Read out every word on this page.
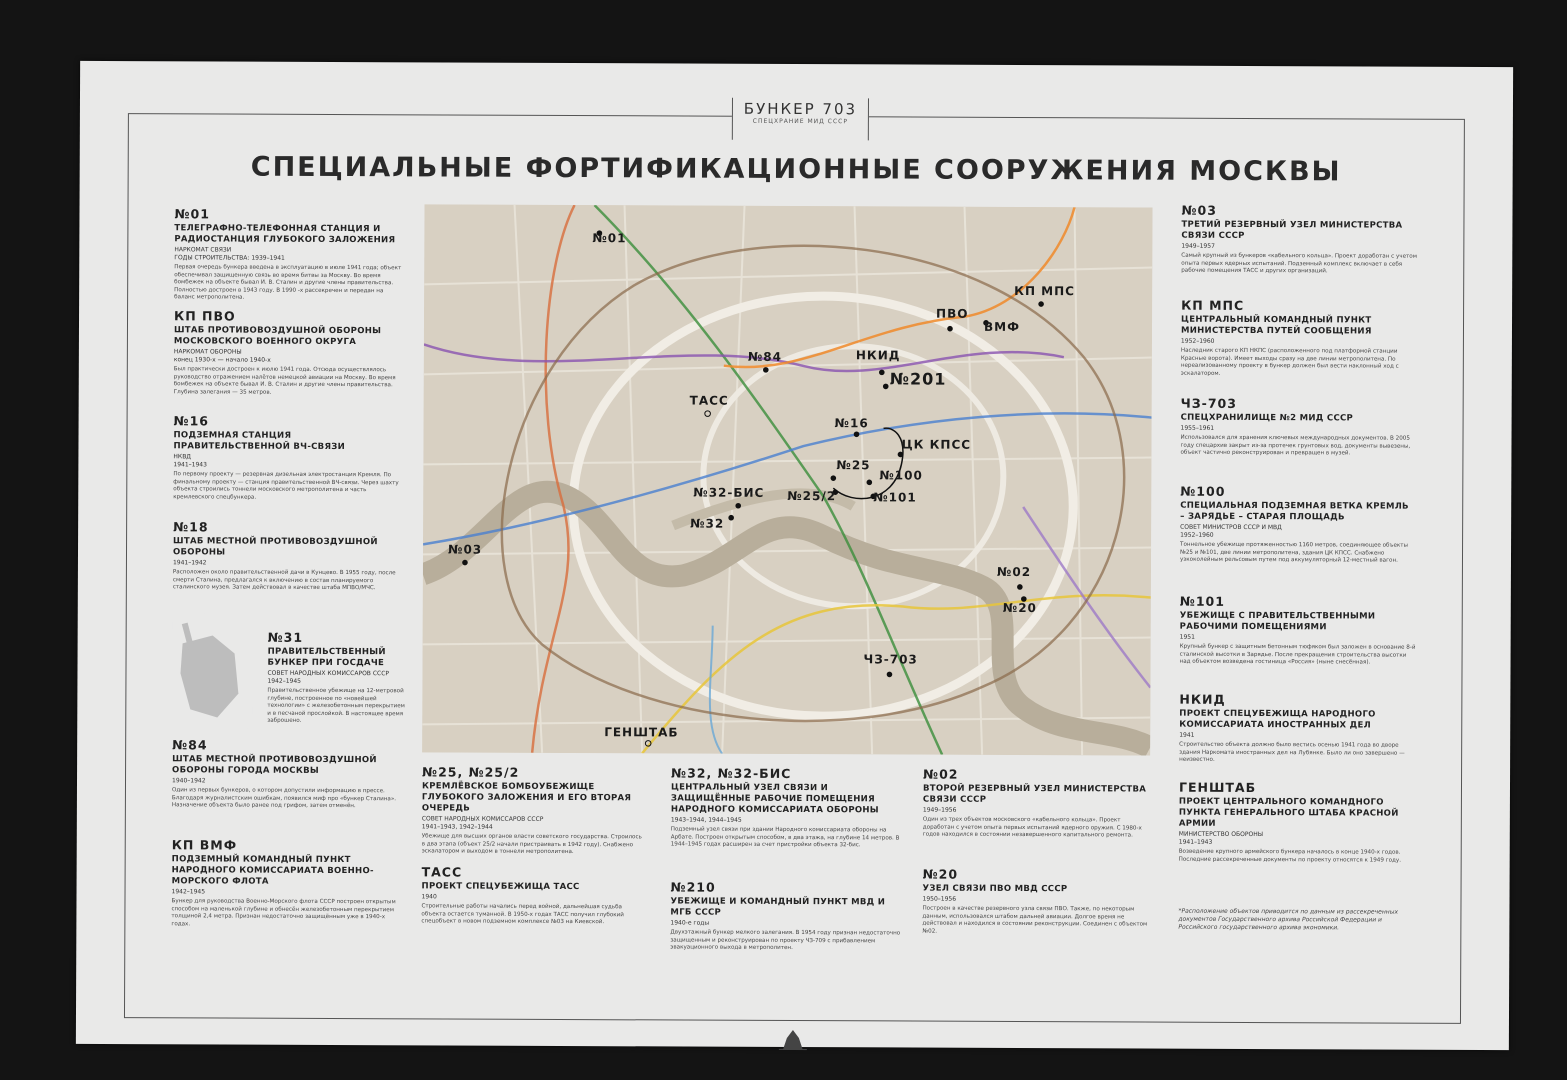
БУНКЕР 703
СПЕЦХРАНИЕ МИД СССР
СПЕЦИАЛЬНЫЕ ФОРТИФИКАЦИОННЫЕ СООРУЖЕНИЯ МОСКВЫ
№01
№84
ТАСС
ПВО
ВМФ
КП МПС
НКИД
№201
№16
ЦК КПСС
№25
№100
№25/2	№101
№32-БИС
№32
№03
№02
№20
ЧЗ-703
ГЕНШТАБ
№01
ТЕЛЕГРАФНО-ТЕЛЕФОННАЯ СТАНЦИЯ И РАДИОСТАНЦИЯ ГЛУБОКОГО ЗАЛОЖЕНИЯ
НАРКОМАТ СВЯЗИ
ГОДЫ СТРОИТЕЛЬСТВА: 1939–1941
Первая очередь бункера введена в эксплуатацию в июле 1941 года; объект обеспечивал защищенную связь во время битвы за Москву. Во время бомбежек на объекте бывал И. В. Сталин и другие члены правительства. Полностью достроен в 1943 году. В 1990 -х рассекречен и передан на баланс метрополитена.
КП ПВО
ШТАБ ПРОТИВОВОЗДУШНОЙ ОБОРОНЫ МОСКОВСКОГО ВОЕННОГО ОКРУГА
НАРКОМАТ ОБОРОНЫ
конец 1930-х — начало 1940-х
Был практически достроен к июлю 1941 года. Отсюда осуществлялось руководство отражением налётов немецкой авиации на Москву. Во время бомбежек на объекте бывал И. В. Сталин и другие члены правительства. Глубина залегания — 35 метров.
№16
ПОДЗЕМНАЯ СТАНЦИЯ ПРАВИТЕЛЬСТВЕННОЙ ВЧ-СВЯЗИ
НКВД
1941–1943
По первому проекту — резервная дизельная электростанция Кремля. По финальному проекту — станция правительственной ВЧ-связи. Через шахту объекта строились тоннели московского метрополитена и часть кремлевского спецбункера.
№18
ШТАБ МЕСТНОЙ ПРОТИВОВОЗДУШНОЙ ОБОРОНЫ
1941–1942
Расположен около правительственной дачи в Кунцево. В 1955 году, после смерти Сталина, предлагался к включению в состав планируемого сталинского музея. Затем действовал в качестве штаба МПВО/МЧС.
№31
ПРАВИТЕЛЬСТВЕННЫЙ БУНКЕР ПРИ ГОСДАЧЕ
СОВЕТ НАРОДНЫХ КОМИССАРОВ СССР
1942–1945
Правительственное убежище на 12-метровой глубине, построенное по «новейшей технологии» с железобетонным перекрытием и в песчаной прослойкой. В настоящее время заброшено.
№84
ШТАБ МЕСТНОЙ ПРОТИВОВОЗДУШНОЙ ОБОРОНЫ ГОРОДА МОСКВЫ
1940–1942
Один из первых бункеров, о котором допустили информацию в прессе. Благодаря журналистским ошибкам, появился миф про «бункер Сталина». Назначение объекта было ранее под грифом, затем отменён.
КП ВМФ
ПОДЗЕМНЫЙ КОМАНДНЫЙ ПУНКТ НАРОДНОГО КОМИССАРИАТА ВОЕННО-МОРСКОГО ФЛОТА
1942–1945
Бункер для руководства Военно-Морского флота СССР построен открытым способом на маленькой глубине и обнесён железобетонным перекрытием толщиной 2,4 метра. Признан недостаточно защищённым уже в 1940-х годах.
№25, №25/2
КРЕМЛЁВСКОЕ БОМБОУБЕЖИЩЕ ГЛУБОКОГО ЗАЛОЖЕНИЯ И ЕГО ВТОРАЯ ОЧЕРЕДЬ
СОВЕТ НАРОДНЫХ КОМИССАРОВ СССР
1941–1943, 1942–1944
Убежище для высших органов власти советского государства. Строилось в два этапа (объект 25/2 начали пристраивать в 1942 году). Снабжено эскалатором и выходом в тоннели метрополитена.
ТАСС
ПРОЕКТ СПЕЦУБЕЖИЩА ТАСС
1940
Строительные работы начались перед войной, дальнейшая судьба объекта остается туманной. В 1950-х годах ТАСС получил глубокий спецобъект в новом подземном комплексе №03 на Киевской.
№32, №32-БИС
ЦЕНТРАЛЬНЫЙ УЗЕЛ СВЯЗИ И ЗАЩИЩЁННЫЕ РАБОЧИЕ ПОМЕЩЕНИЯ НАРОДНОГО КОМИССАРИАТА ОБОРОНЫ
1943–1944, 1944–1945
Подземный узел связи при здании Народного комиссариата обороны на Арбате. Построен открытым способом, в два этажа, на глубине 14 метров. В 1944–1945 годах расширен за счет пристройки объекта 32-бис.
№210
УБЕЖИЩЕ И КОМАНДНЫЙ ПУНКТ МВД И МГБ СССР
1940-е годы
Двухэтажный бункер мелкого залегания. В 1954 году признан недостаточно защищенным и реконструирован по проекту ЧЗ-709 с прибавлением эвакуационного выхода в метрополитен.
№02
ВТОРОЙ РЕЗЕРВНЫЙ УЗЕЛ МИНИСТЕРСТВА СВЯЗИ СССР
1949–1956
Один из трех объектов московского «кабельного кольца». Проект доработан с учетом опыта первых испытаний ядерного оружия. С 1980-х годов находился в состоянии незавершенного капитального ремонта.
№20
УЗЕЛ СВЯЗИ ПВО МВД СССР
1950–1956
Построен в качестве резервного узла связи ПВО. Также, по некоторым данным, использовался штабом дальней авиации. Долгое время не действовал и находился в состоянии реконструкции. Соединен с объектом №02.
№03
ТРЕТИЙ РЕЗЕРВНЫЙ УЗЕЛ МИНИСТЕРСТВА СВЯЗИ СССР
1949–1957
Самый крупный из бункеров «кабельного кольца». Проект доработан с учетом опыта первых ядерных испытаний. Подземный комплекс включает в себя рабочие помещения ТАСС и других организаций.
КП МПС
ЦЕНТРАЛЬНЫЙ КОМАНДНЫЙ ПУНКТ МИНИСТЕРСТВА ПУТЕЙ СООБЩЕНИЯ
1952–1960
Наследник старого КП НКПС (расположенного под платформой станции Красные ворота). Имеет выходы сразу на две линии метрополитена. По нереализованному проекту в бункер должен был вести наклонный ход с эскалатором.
ЧЗ-703
СПЕЦХРАНИЛИЩЕ №2 МИД СССР
1955–1961
Использовался для хранения ключевых международных документов. В 2005 году спецархив закрыт из-за протечек грунтовых вод, документы вывезены, объект частично реконструирован и превращен в музей.
№100
СПЕЦИАЛЬНАЯ ПОДЗЕМНАЯ ВЕТКА КРЕМЛЬ – ЗАРЯДЬЕ – СТАРАЯ ПЛОЩАДЬ
СОВЕТ МИНИСТРОВ СССР И МВД
1952–1960
Тоннельное убежище протяженностью 1160 метров, соединяющее объекты №25 и №101, две линии метрополитена, здания ЦК КПСС. Снабжено узкоколейным рельсовым путем под аккумуляторный 12-местный вагон.
№101
УБЕЖИЩЕ С ПРАВИТЕЛЬСТВЕННЫМИ РАБОЧИМИ ПОМЕЩЕНИЯМИ
1951
Крупный бункер с защитным бетонным тюфяком был заложен в основание 8-й сталинской высотки в Зарядье. После прекращения строительства высотки над объектом возведена гостиница «Россия» (ныне снесённая).
НКИД
ПРОЕКТ СПЕЦУБЕЖИЩА НАРОДНОГО КОМИССАРИАТА ИНОСТРАННЫХ ДЕЛ
1941
Строительство объекта должно было вестись осенью 1941 года во дворе здания Наркомата иностранных дел на Лубянке. Было ли оно завершено — неизвестно.
ГЕНШТАБ
ПРОЕКТ ЦЕНТРАЛЬНОГО КОМАНДНОГО ПУНКТА ГЕНЕРАЛЬНОГО ШТАБА КРАСНОЙ АРМИИ
МИНИСТЕРСТВО ОБОРОНЫ
1941–1943
Возведение крупного армейского бункера началось в конце 1940-х годов. Последние рассекреченные документы по проекту относятся к 1949 году.
*Расположение объектов приводится по данным из рассекреченных документов Государственного архива Российской Федерации и Российского государственного архива экономики.
